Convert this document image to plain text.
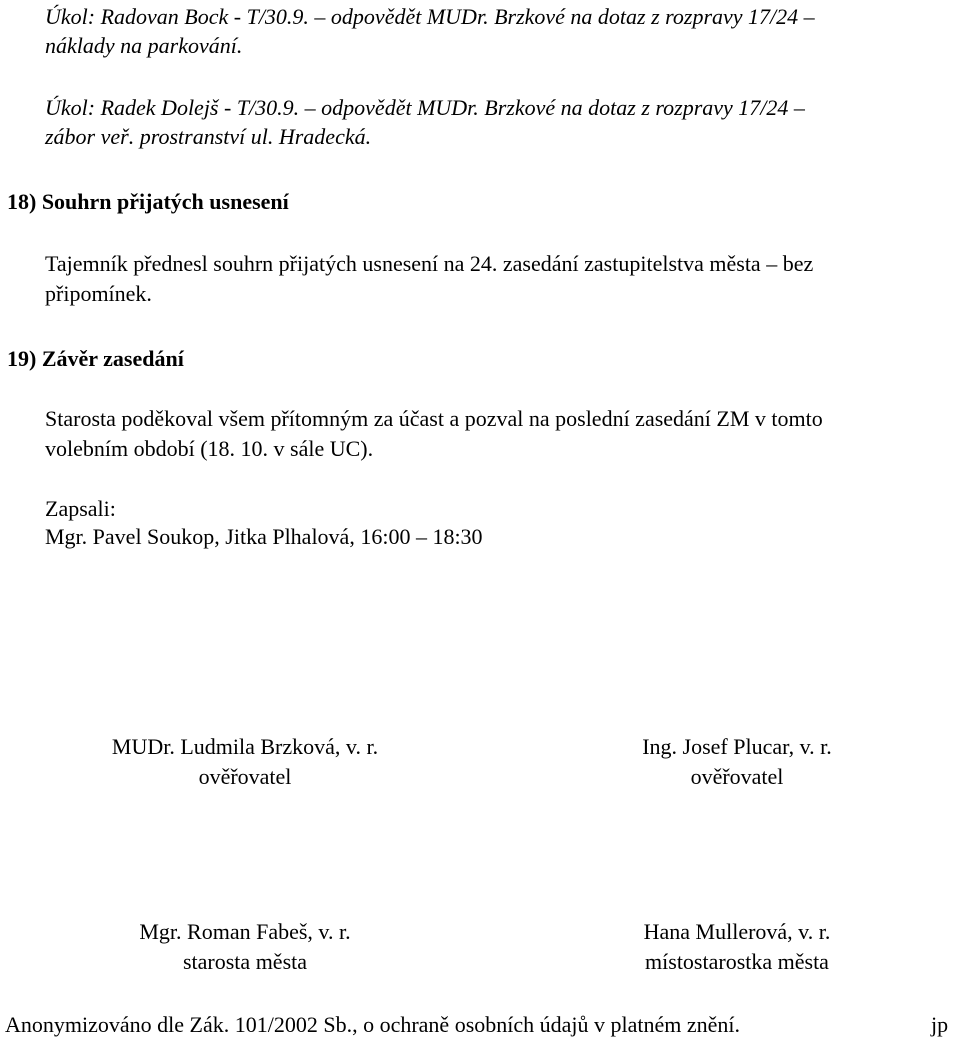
Úkol: Radovan Bock - T/30.9. – odpovědět MUDr. Brzkové na dotaz z rozpravy 17/24 –
náklady na parkování.
Úkol: Radek Dolejš - T/30.9. – odpovědět MUDr. Brzkové na dotaz z rozpravy 17/24 –
zábor veř. prostranství ul. Hradecká.
18) Souhrn přijatých usnesení
Tajemník přednesl souhrn přijatých usnesení na 24. zasedání zastupitelstva města – bez
připomínek.
19) Závěr zasedání
Starosta poděkoval všem přítomným za účast a pozval na poslední zasedání ZM v tomto
volebním období (18. 10. v sále UC).
Zapsali:
Mgr. Pavel Soukop, Jitka Plhalová, 16:00 – 18:30
MUDr. Ludmila Brzková, v. r.
ověřovatel
Ing. Josef Plucar, v. r.
ověřovatel
Mgr. Roman Fabeš, v. r.
starosta města
Hana Mullerová, v. r.
místostarostka města
Anonymizováno dle Zák. 101/2002 Sb., o ochraně osobních údajů v platném znění.	jp
